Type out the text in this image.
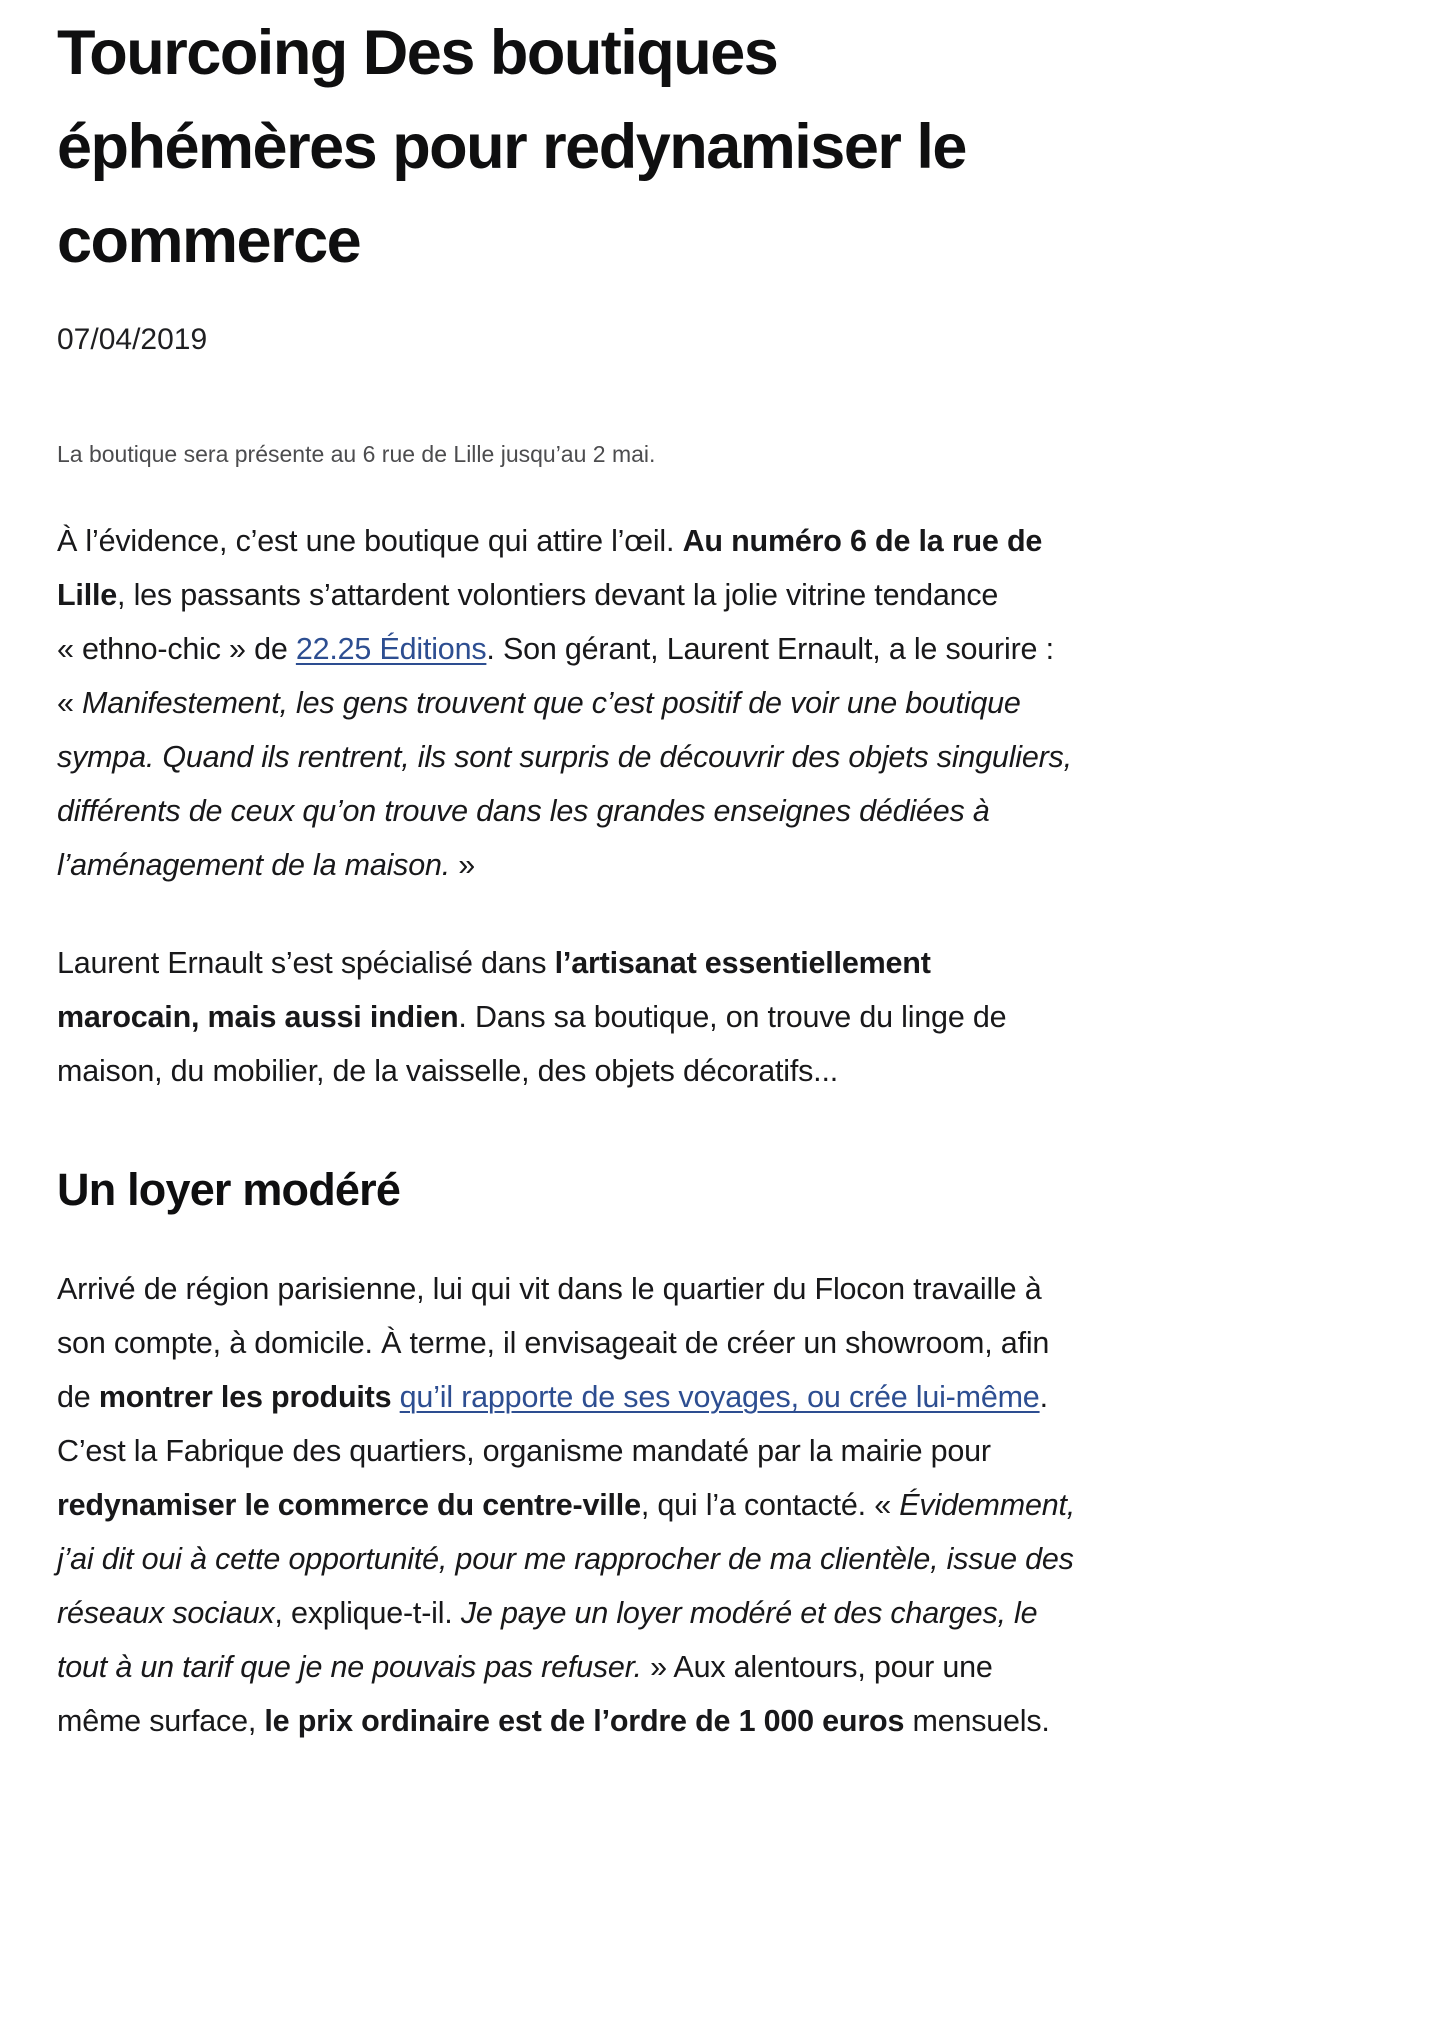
Tourcoing Des boutiques
éphémères pour redynamiser le
commerce
07/04/2019
La boutique sera présente au 6 rue de Lille jusqu’au 2 mai.

À l’évidence, c’est une boutique qui attire l’œil. Au numéro 6 de la rue de Lille, les passants s’attardent volontiers devant la jolie vitrine tendance « ethno-chic » de 22.25 Éditions. Son gérant, Laurent Ernault, a le sourire : « Manifestement, les gens trouvent que c’est positif de voir une boutique sympa. Quand ils rentrent, ils sont surpris de découvrir des objets singuliers, différents de ceux qu’on trouve dans les grandes enseignes dédiées à l’aménagement de la maison. »

Laurent Ernault s’est spécialisé dans l’artisanat essentiellement marocain, mais aussi indien. Dans sa boutique, on trouve du linge de maison, du mobilier, de la vaisselle, des objets décoratifs...

Un loyer modéré

Arrivé de région parisienne, lui qui vit dans le quartier du Flocon travaille à son compte, à domicile. À terme, il envisageait de créer un showroom, afin de montrer les produits qu’il rapporte de ses voyages, ou crée lui-même. C’est la Fabrique des quartiers, organisme mandaté par la mairie pour redynamiser le commerce du centre-ville, qui l’a contacté. « Évidemment, j’ai dit oui à cette opportunité, pour me rapprocher de ma clientèle, issue des réseaux sociaux, explique-t-il. Je paye un loyer modéré et des charges, le tout à un tarif que je ne pouvais pas refuser. » Aux alentours, pour une même surface, le prix ordinaire est de l’ordre de 1 000 euros mensuels.
